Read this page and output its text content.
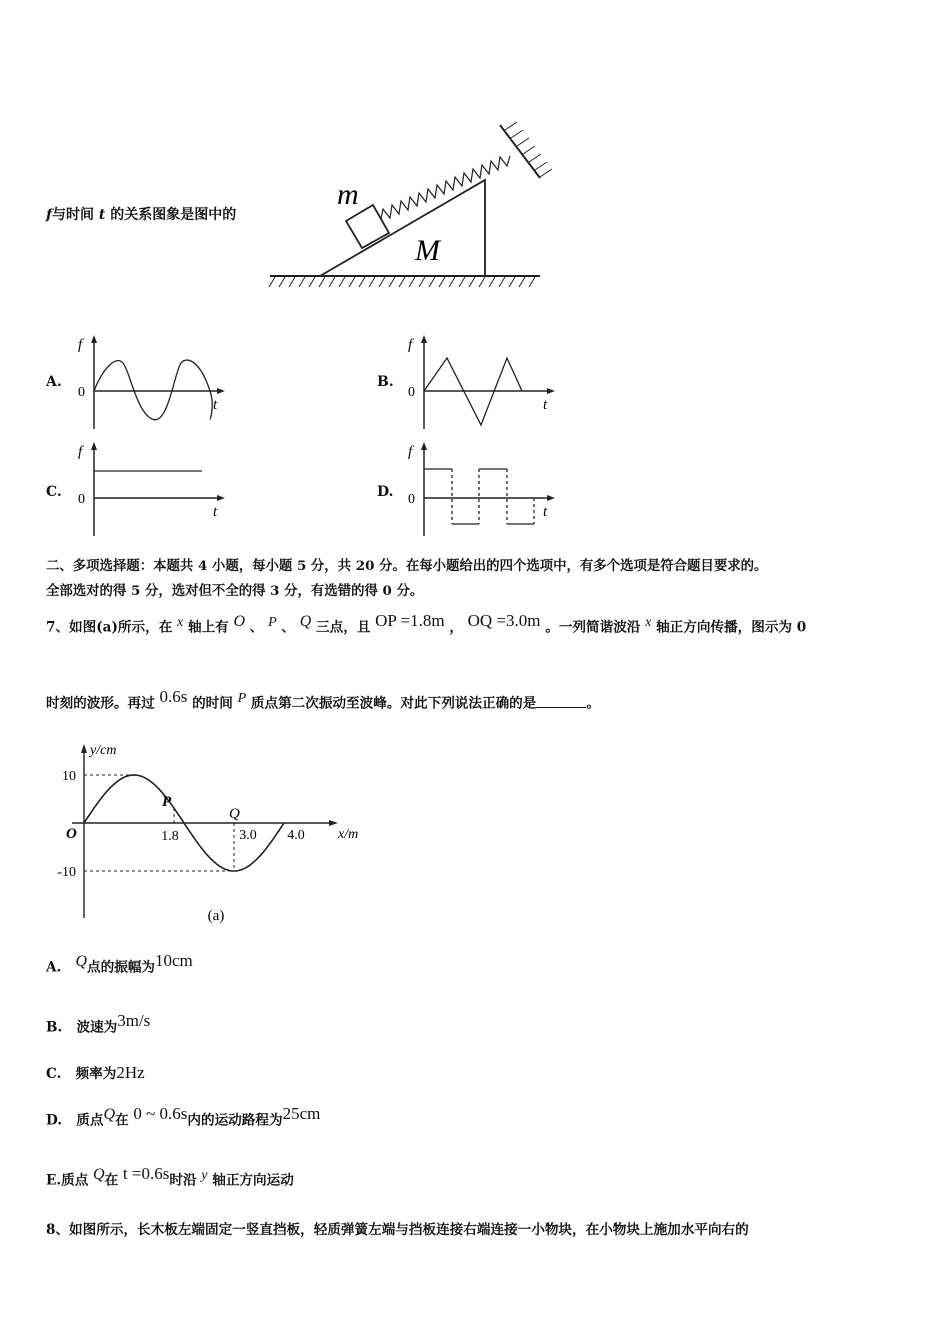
f与时间 t 的关系图象是图中的
m
M
A.
f
0
t
B.
f
0
t
C.
f
0
t
D.
f
0
t
二、多项选择题：本题共 4 小题，每小题 5 分，共 20 分。在每小题给出的四个选项中，有多个选项是符合题目要求的。
全部选对的得 5 分，选对但不全的得 3 分，有选错的得 0 分。
7、如图(a)所示，在 $^x$ 轴上有 $^O$ 、 $^P$ 、 $^Q$ 三点，且 $^{OP =1.8m}$ ， $^{OQ =3.0m}$ 。一列简谐波沿 $^x$ 轴正方向传播，图示为 0
时刻的波形。再过 $^{0.6s}$ 的时间 $^P$ 质点第二次振动至波峰。对此下列说法正确的是	。
y/cm
x/m
O
10
-10
1.8	3.0 4.0
P
Q
(a)
A. $^Q$点的振幅为$^{10cm}$
B. 波速为$^{3m/s}$
C. 频率为2Hz
D. 质点$^Q$在 $^{0 \sim 0.6s}$内的运动路程为$^{25cm}$
E.质点 $^Q$在 $^{t =0.6s}$时沿 $^y$ 轴正方向运动
8、如图所示，长木板左端固定一竖直挡板，轻质弹簧左端与挡板连接右端连接一小物块，在小物块上施加水平向右的
